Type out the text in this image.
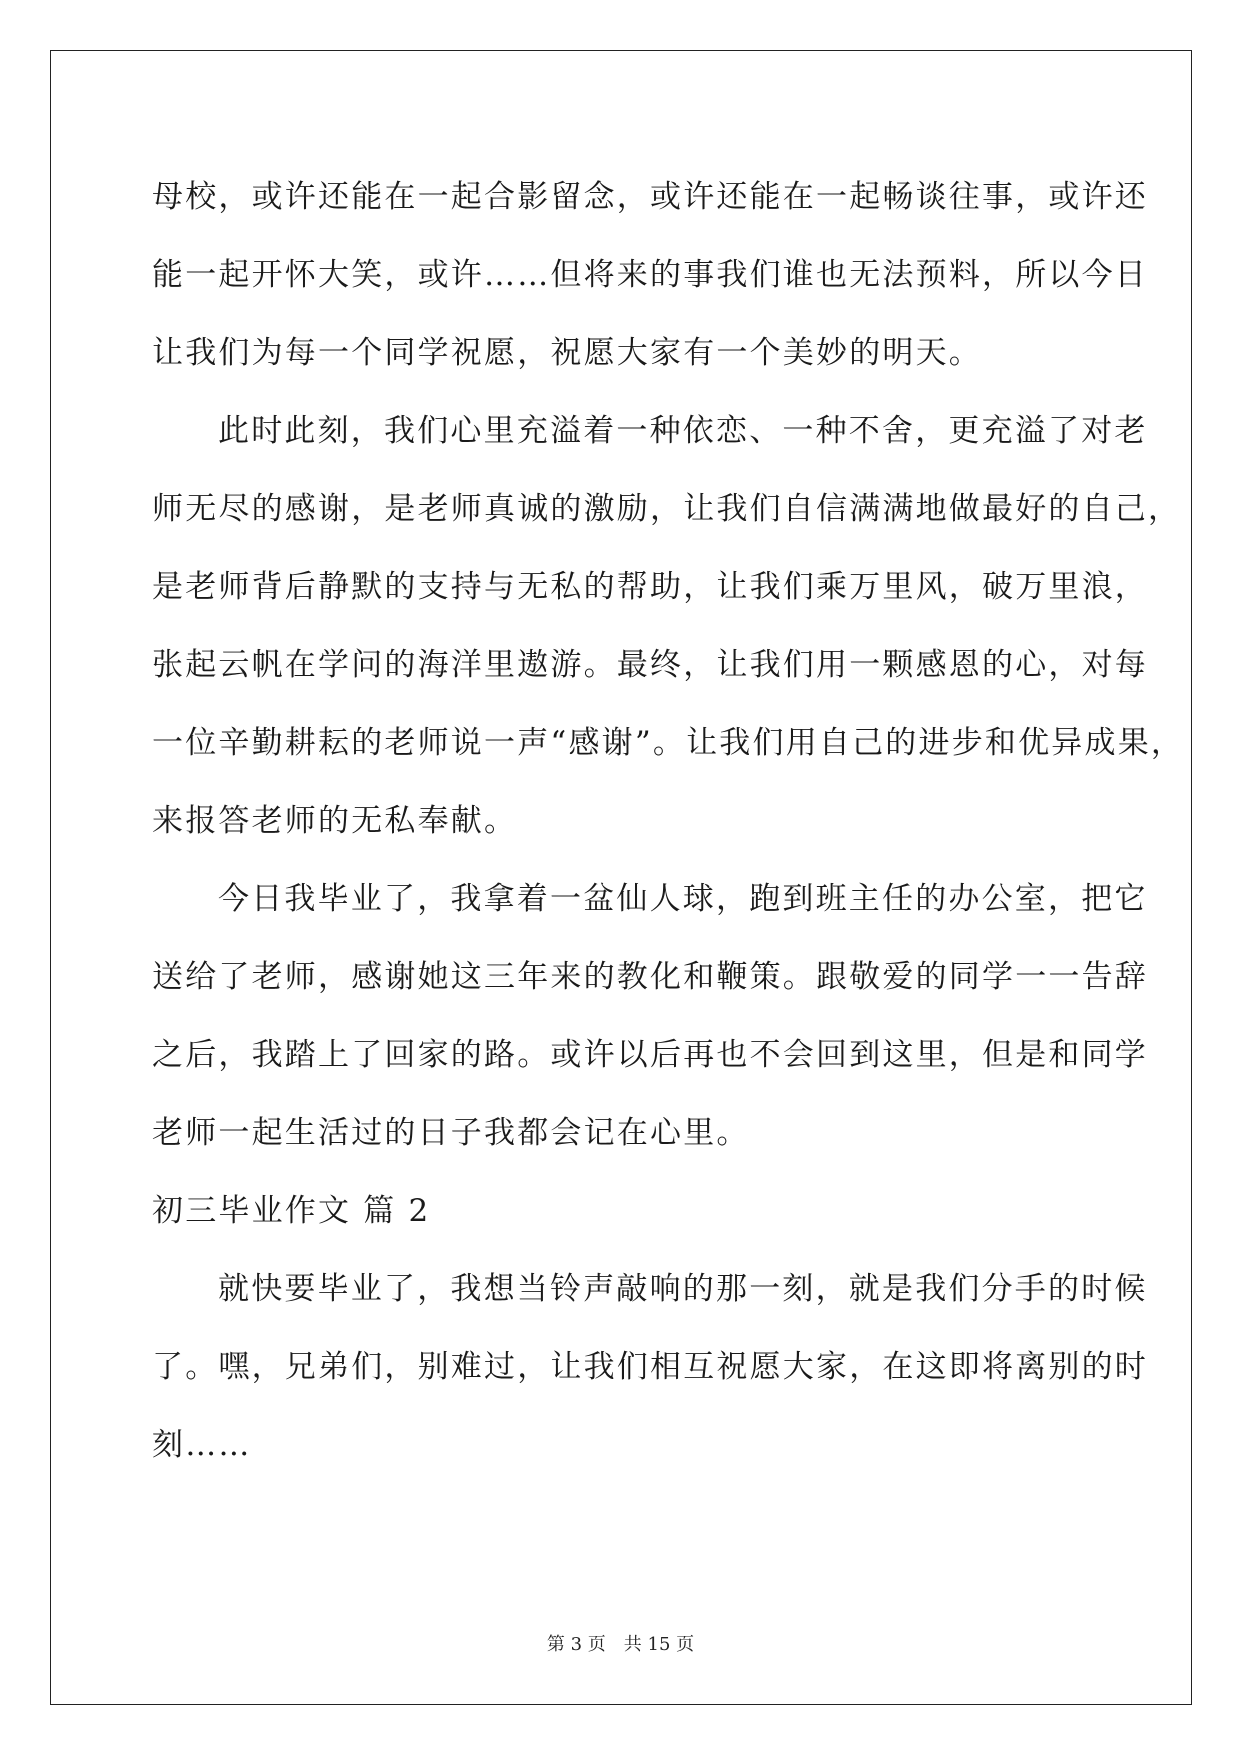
母校，或许还能在一起合影留念，或许还能在一起畅谈往事，或许还
能一起开怀大笑，或许……但将来的事我们谁也无法预料，所以今日
让我们为每一个同学祝愿，祝愿大家有一个美妙的明天。
此时此刻，我们心里充溢着一种依恋、一种不舍，更充溢了对老
师无尽的感谢，是老师真诚的激励，让我们自信满满地做最好的自己，
是老师背后静默的支持与无私的帮助，让我们乘万里风，破万里浪，
张起云帆在学问的海洋里遨游。最终，让我们用一颗感恩的心，对每
一位辛勤耕耘的老师说一声“感谢”。让我们用自己的进步和优异成果，
来报答老师的无私奉献。
今日我毕业了，我拿着一盆仙人球，跑到班主任的办公室，把它
送给了老师，感谢她这三年来的教化和鞭策。跟敬爱的同学一一告辞
之后，我踏上了回家的路。或许以后再也不会回到这里，但是和同学
老师一起生活过的日子我都会记在心里。
初三毕业作文 篇 2
就快要毕业了，我想当铃声敲响的那一刻，就是我们分手的时候
了。嘿，兄弟们，别难过，让我们相互祝愿大家，在这即将离别的时
刻……
第 3 页 共 15 页
